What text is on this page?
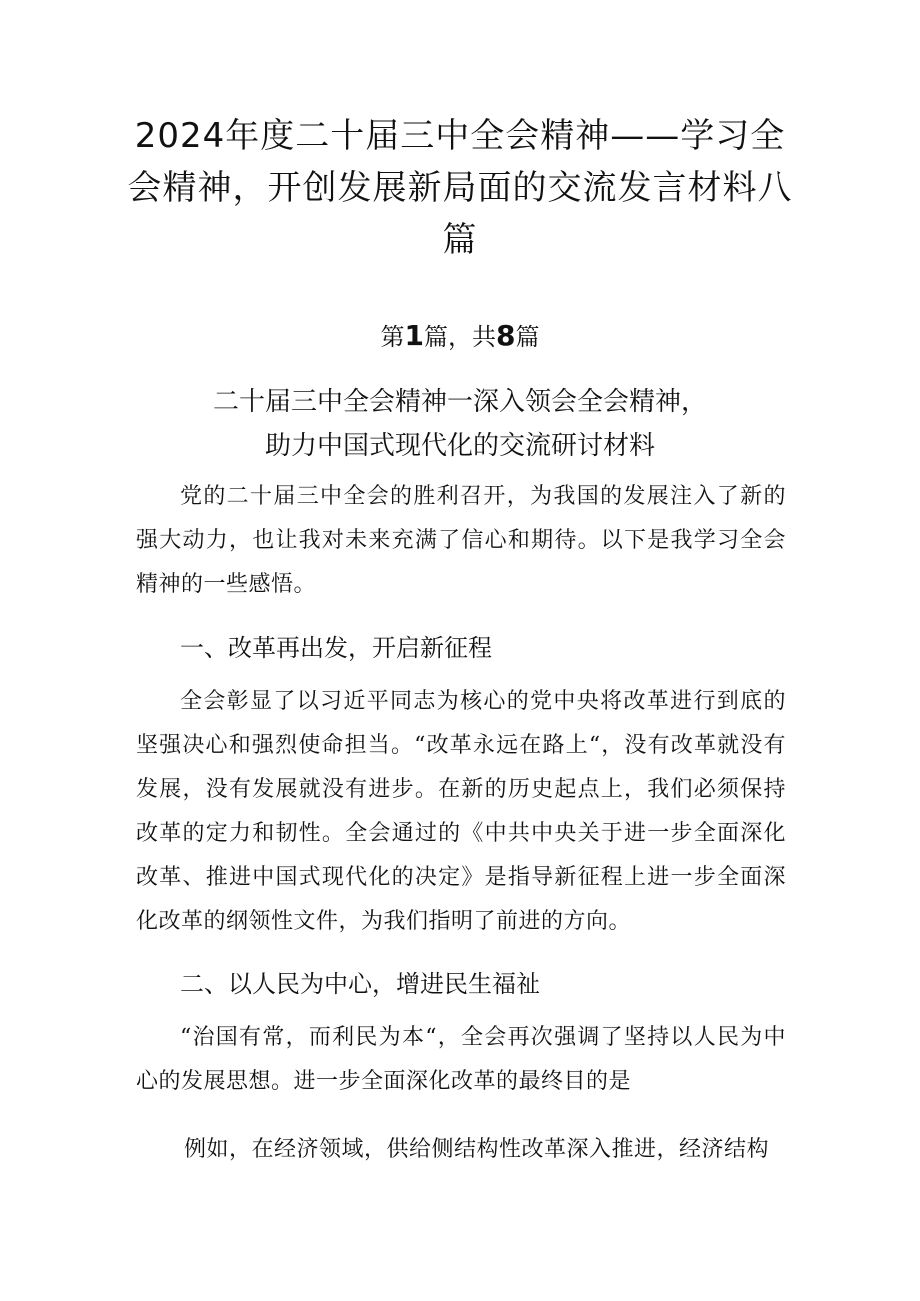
2024年度二十届三中全会精神——学习全会精神，开创发展新局面的交流发言材料八篇
第1篇，共8篇
二十届三中全会精神一深入领会全会精神，
助力中国式现代化的交流研讨材料

党的二十届三中全会的胜利召开，为我国的发展注入了新的强大动力，也让我对未来充满了信心和期待。以下是我学习全会精神的一些感悟。

一、改革再出发，开启新征程

全会彰显了以习近平同志为核心的党中央将改革进行到底的坚强决心和强烈使命担当。“改革永远在路上“，没有改革就没有发展，没有发展就没有进步。在新的历史起点上，我们必须保持改革的定力和韧性。全会通过的《中共中央关于进一步全面深化改革、推进中国式现代化的决定》是指导新征程上进一步全面深化改革的纲领性文件，为我们指明了前进的方向。

二、以人民为中心，增进民生福祉

“治国有常，而利民为本“，全会再次强调了坚持以人民为中心的发展思想。进一步全面深化改革的最终目的是

例如，在经济领域，供给侧结构性改革深入推进，经济结构
